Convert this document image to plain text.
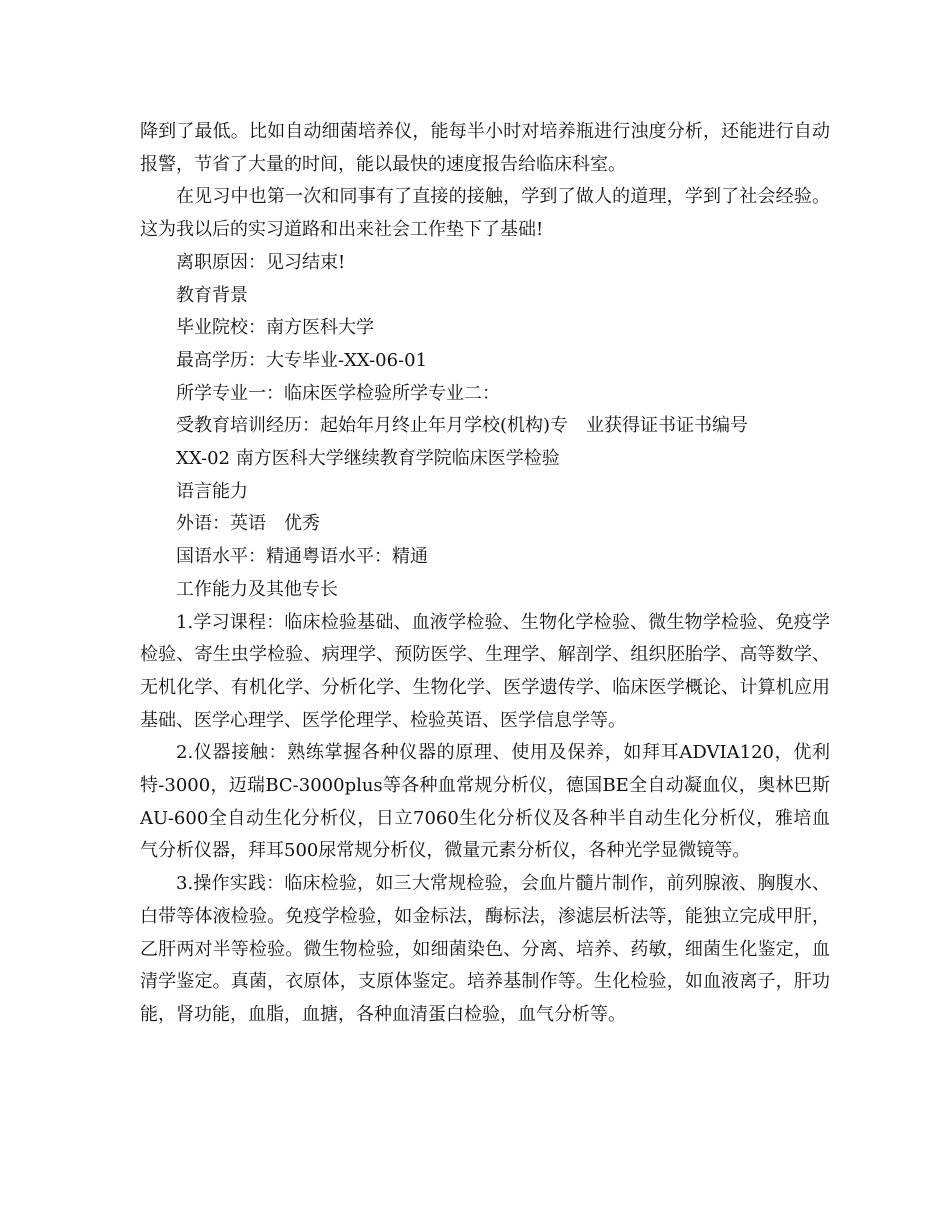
降到了最低。比如自动细菌培养仪，能每半小时对培养瓶进行浊度分析，还能进行自动报警，节省了大量的时间，能以最快的速度报告给临床科室。

在见习中也第一次和同事有了直接的接触，学到了做人的道理，学到了社会经验。这为我以后的实习道路和出来社会工作垫下了基础!

离职原因：见习结束!

教育背景

毕业院校：南方医科大学

最高学历：大专毕业-XX-06-01

所学专业一：临床医学检验所学专业二：

受教育培训经历：起始年月终止年月学校(机构)专　业获得证书证书编号

XX-02 南方医科大学继续教育学院临床医学检验

语言能力

外语：英语　优秀

国语水平：精通粤语水平：精通

工作能力及其他专长

1.学习课程：临床检验基础、血液学检验、生物化学检验、微生物学检验、免疫学检验、寄生虫学检验、病理学、预防医学、生理学、解剖学、组织胚胎学、高等数学、无机化学、有机化学、分析化学、生物化学、医学遗传学、临床医学概论、计算机应用基础、医学心理学、医学伦理学、检验英语、医学信息学等。

2.仪器接触：熟练掌握各种仪器的原理、使用及保养，如拜耳ADVIA120，优利特-3000，迈瑞BC-3000plus等各种血常规分析仪，德国BE全自动凝血仪，奥林巴斯AU-600全自动生化分析仪，日立7060生化分析仪及各种半自动生化分析仪，雅培血气分析仪器，拜耳500尿常规分析仪，微量元素分析仪，各种光学显微镜等。

3.操作实践：临床检验，如三大常规检验，会血片髓片制作，前列腺液、胸腹水、白带等体液检验。免疫学检验，如金标法，酶标法，渗滤层析法等，能独立完成甲肝，乙肝两对半等检验。微生物检验，如细菌染色、分离、培养、药敏，细菌生化鉴定，血清学鉴定。真菌，衣原体，支原体鉴定。培养基制作等。生化检验，如血液离子，肝功能，肾功能，血脂，血搪，各种血清蛋白检验，血气分析等。
